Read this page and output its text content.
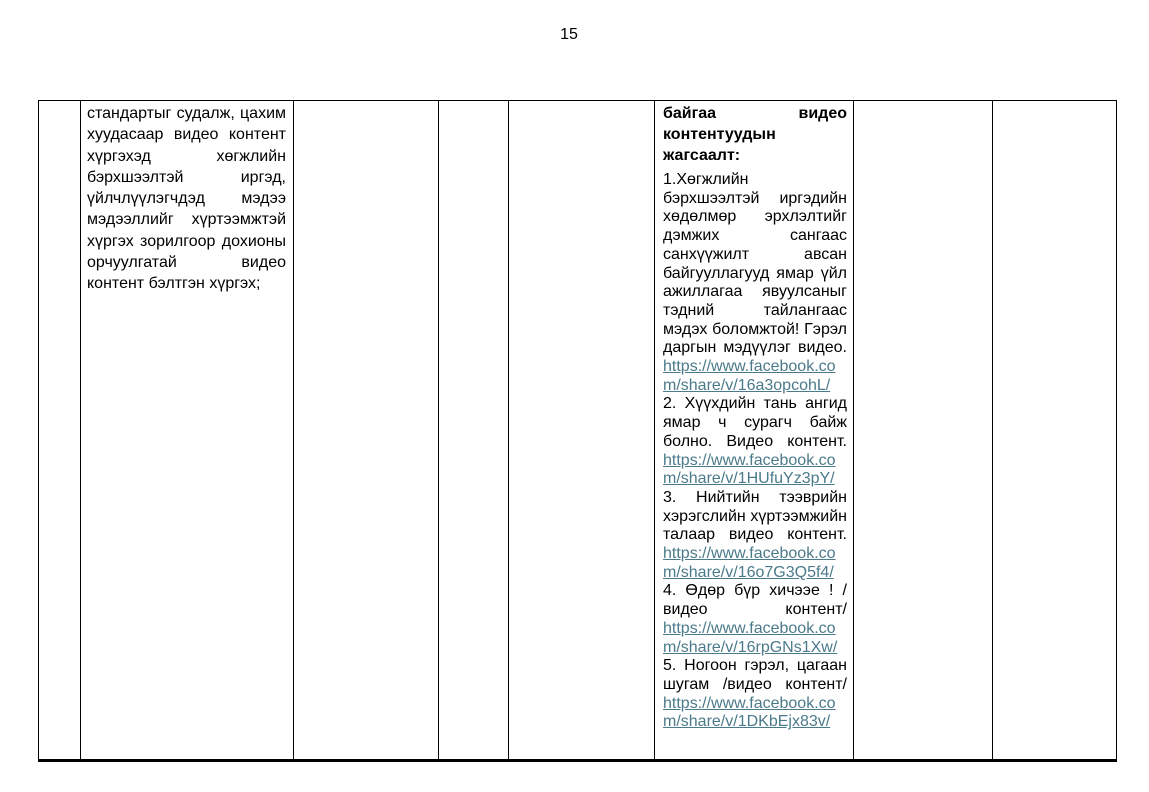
15

стандартыг судалж, цахим хуудасаар видео контент хүргэхэд хөгжлийн бэрхшээлтэй иргэд, үйлчлүүлэгчдэд мэдээ мэдээллийг хүртээмжтэй хүргэх зорилгоор дохионы орчуулгатай видео контент бэлтгэн хүргэх;

байгаа видео контентуудын жагсаалт:

1.Хөгжлийн бэрхшээлтэй иргэдийн хөдөлмөр эрхлэлтийг дэмжих сангаас санхүүжилт авсан байгууллагууд ямар үйл ажиллагаа явуулсаныг тэдний тайлангаас мэдэх боломжтой! Гэрэл даргын мэдүүлэг видео. https://www.facebook.co
m/share/v/16a3opcohL/

2. Хүүхдийн тань ангид ямар ч сурагч байж болно. Видео контент. https://www.facebook.co
m/share/v/1HUfuYz3pY/

3. Нийтийн тээврийн хэрэгслийн хүртээмжийн талаар видео контент. https://www.facebook.co
m/share/v/16o7G3Q5f4/

4. Өдөр бүр хичээе ! /видео контент/ https://www.facebook.co
m/share/v/16rpGNs1Xw/

5. Ногоон гэрэл, цагаан шугам /видео контент/ https://www.facebook.co
m/share/v/1DKbEjx83v/
